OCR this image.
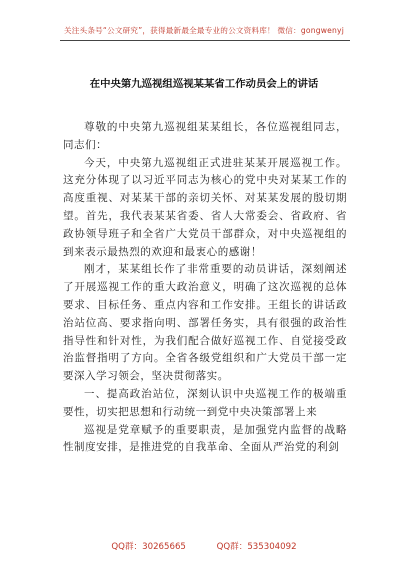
关注头条号“公文研究”，获得最新最全最专业的公文资料库！ 微信：gongwenyj
在中央第九巡视组巡视某某省工作动员会上的讲话

尊敬的中央第九巡视组某某组长，各位巡视组同志，同志们：

今天，中央第九巡视组正式进驻某某开展巡视工作。这充分体现了以习近平同志为核心的党中央对某某工作的高度重视、对某某干部的亲切关怀、对某某发展的殷切期望。首先，我代表某某省委、省人大常委会、省政府、省政协领导班子和全省广大党员干部群众，对中央巡视组的到来表示最热烈的欢迎和最衷心的感谢！

刚才，某某组长作了非常重要的动员讲话，深刻阐述了开展巡视工作的重大政治意义，明确了这次巡视的总体要求、目标任务、重点内容和工作安排。王组长的讲话政治站位高、要求指向明、部署任务实，具有很强的政治性指导性和针对性，为我们配合做好巡视工作、自觉接受政治监督指明了方向。全省各级党组织和广大党员干部一定要深入学习领会，坚决贯彻落实。

一、提高政治站位，深刻认识中央巡视工作的极端重要性，切实把思想和行动统一到党中央决策部署上来

巡视是党章赋予的重要职责，是加强党内监督的战略性制度安排，是推进党的自我革命、全面从严治党的利剑

QQ群：30265665	QQ群：535304092
